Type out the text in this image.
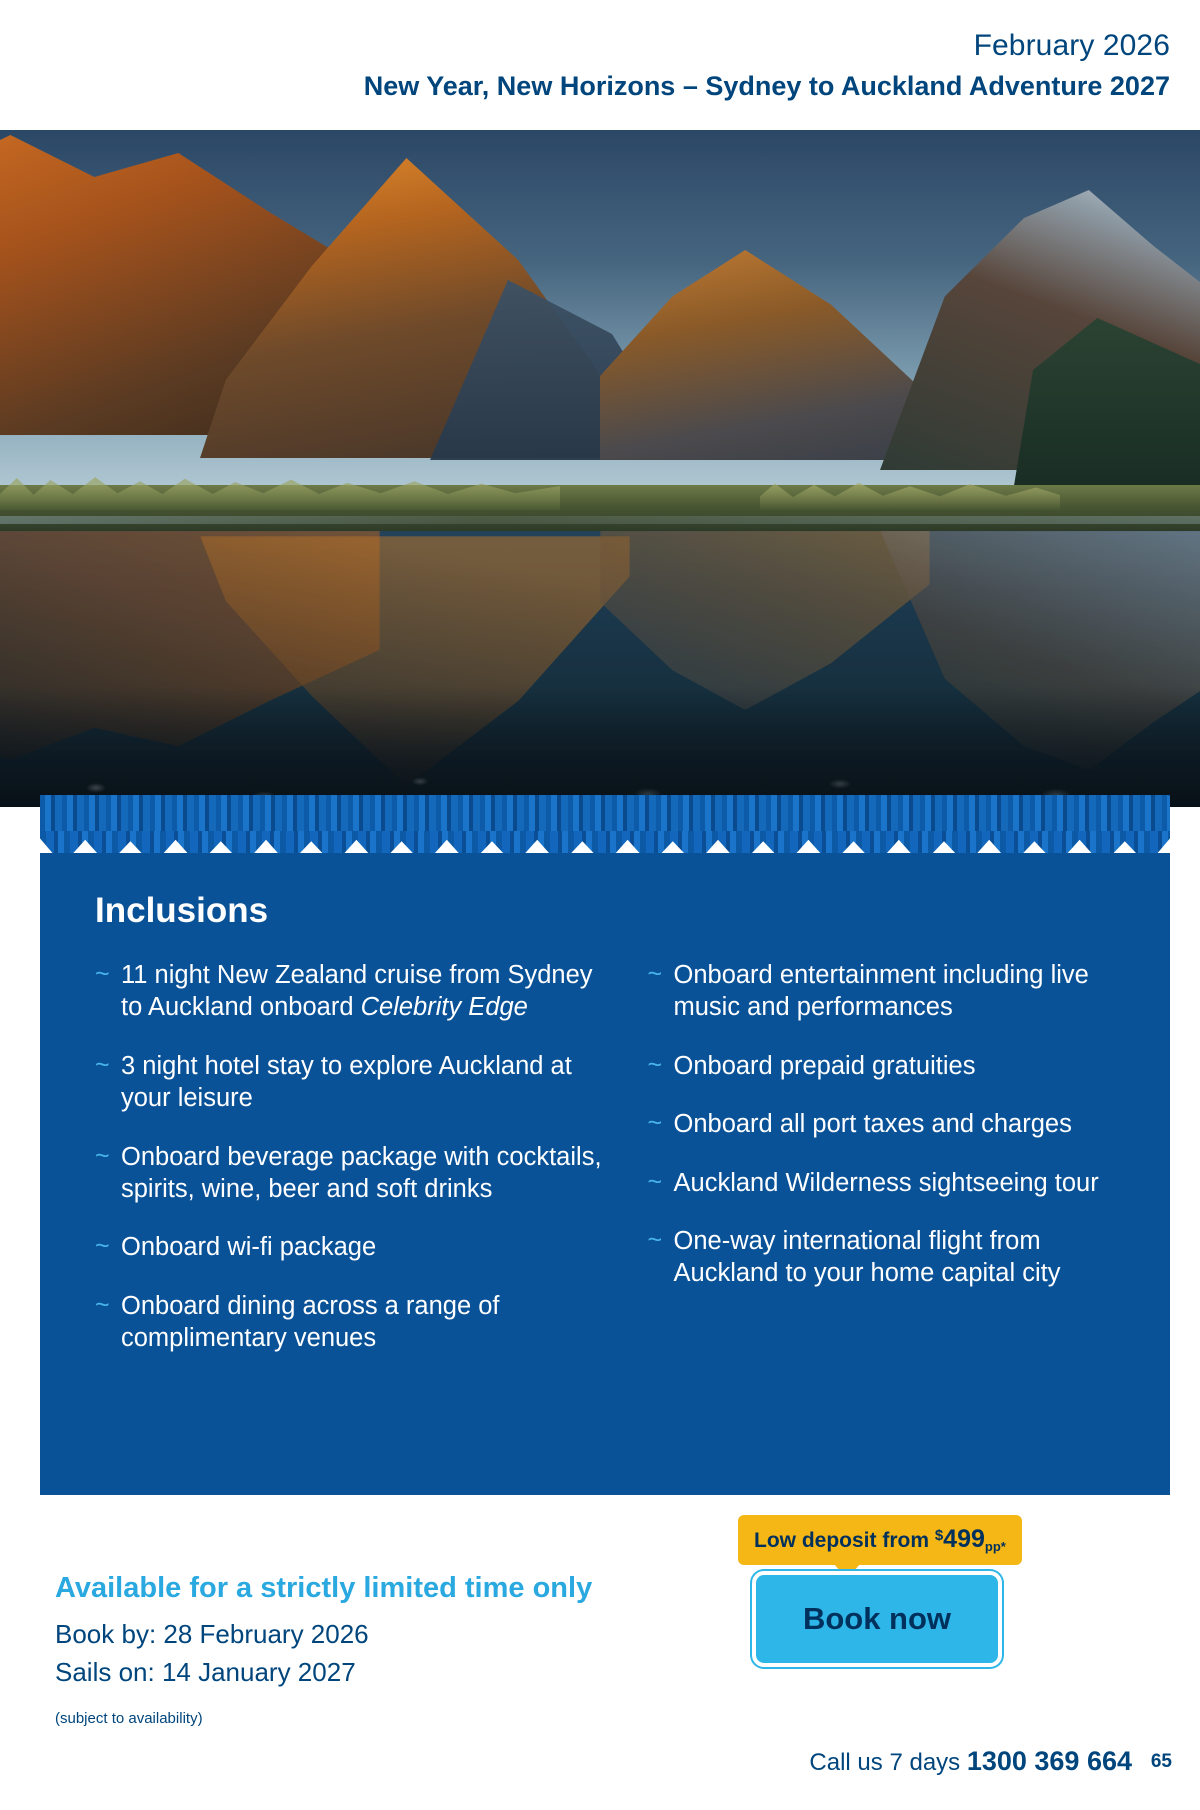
February 2026
New Year, New Horizons – Sydney to Auckland Adventure 2027
Inclusions
~ 11 night New Zealand cruise from Sydney to Auckland onboard Celebrity Edge
~ 3 night hotel stay to explore Auckland at your leisure
~ Onboard beverage package with cocktails, spirits, wine, beer and soft drinks
~ Onboard wi-fi package
~ Onboard dining across a range of complimentary venues
~ Onboard entertainment including live music and performances
~ Onboard prepaid gratuities
~ Onboard all port taxes and charges
~ Auckland Wilderness sightseeing tour
~ One-way international flight from Auckland to your home capital city
Available for a strictly limited time only
Book by: 28 February 2026
Sails on: 14 January 2027
(subject to availability)
Low deposit from $499pp*
Book now
Call us 7 days 1300 369 664 65
